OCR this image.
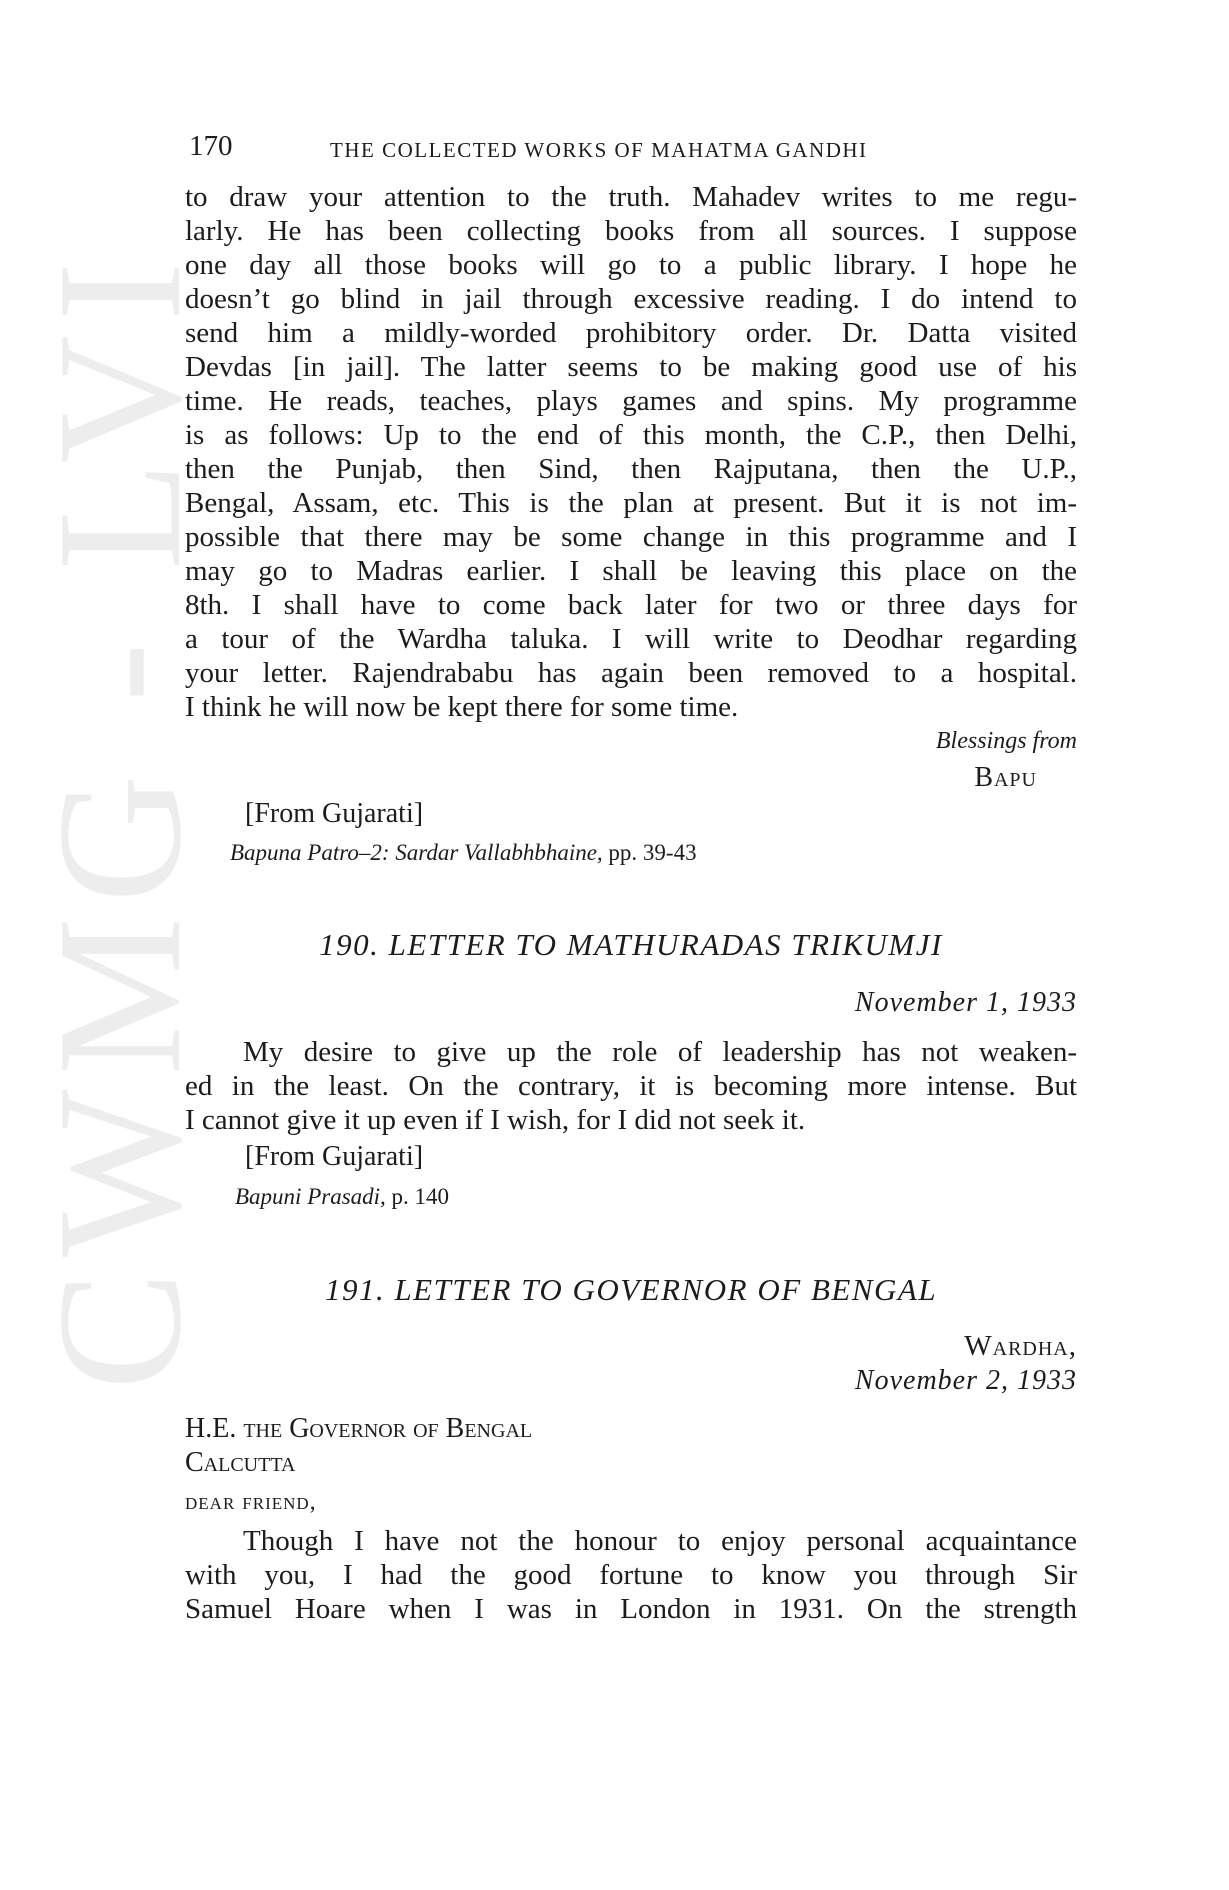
CWMG - LVI
170	THE COLLECTED WORKS OF MAHATMA GANDHI
to draw your attention to the truth. Mahadev writes to me regu-
larly. He has been collecting books from all sources. I suppose
one day all those books will go to a public library. I hope he
doesn’t go blind in jail through excessive reading. I do intend to
send him a mildly-worded prohibitory order. Dr. Datta visited
Devdas [in jail]. The latter seems to be making good use of his
time. He reads, teaches, plays games and spins. My programme
is as follows: Up to the end of this month, the C.P., then Delhi,
then the Punjab, then Sind, then Rajputana, then the U.P.,
Bengal, Assam, etc. This is the plan at present. But it is not im-
possible that there may be some change in this programme and I
may go to Madras earlier. I shall be leaving this place on the
8th. I shall have to come back later for two or three days for
a tour of the Wardha taluka. I will write to Deodhar regarding
your letter. Rajendrababu has again been removed to a hospital.
I think he will now be kept there for some time.
Blessings from
Bapu
[From Gujarati]
Bapuna Patro–2: Sardar Vallabhbhaine, pp. 39-43
190. LETTER TO MATHURADAS TRIKUMJI
November 1, 1933
My desire to give up the role of leadership has not weaken-
ed in the least. On the contrary, it is becoming more intense. But
I cannot give it up even if I wish, for I did not seek it.
[From Gujarati]
Bapuni Prasadi, p. 140
191. LETTER TO GOVERNOR OF BENGAL
Wardha,
November 2, 1933
H.E. the Governor of Bengal
Calcutta
dear friend,
Though I have not the honour to enjoy personal acquaintance
with you, I had the good fortune to know you through Sir
Samuel Hoare when I was in London in 1931. On the strength
